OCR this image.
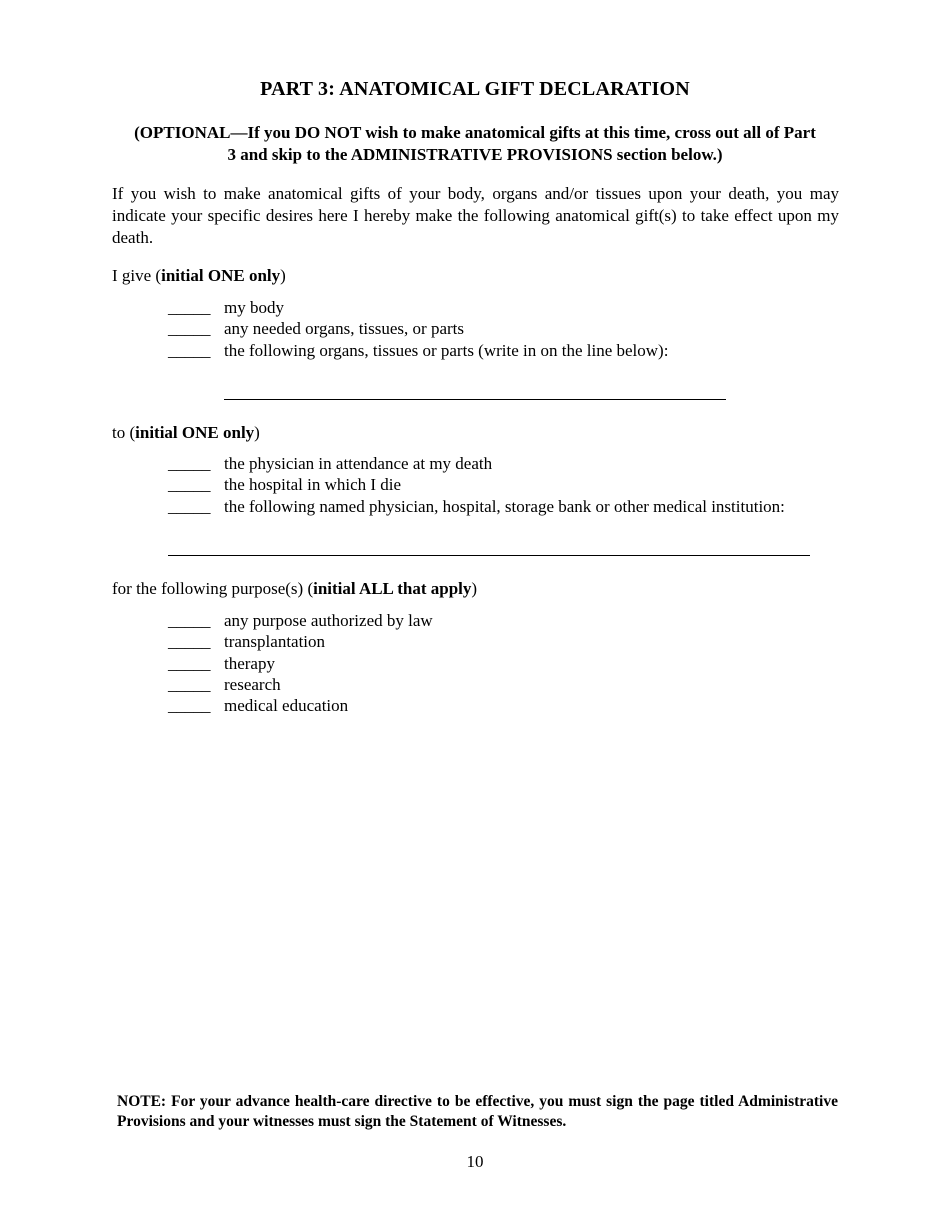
PART 3: ANATOMICAL GIFT DECLARATION
(OPTIONAL—If you DO NOT wish to make anatomical gifts at this time, cross out all of Part 3 and skip to the ADMINISTRATIVE PROVISIONS section below.)

If you wish to make anatomical gifts of your body, organs and/or tissues upon your death, you may indicate your specific desires here I hereby make the following anatomical gift(s) to take effect upon my death.

I give (initial ONE only)
_____ my body
_____ any needed organs, tissues, or parts
_____ the following organs, tissues or parts (write in on the line below):
to (initial ONE only)
_____ the physician in attendance at my death
_____ the hospital in which I die
_____ the following named physician, hospital, storage bank or other medical institution:
for the following purpose(s) (initial ALL that apply)
_____ any purpose authorized by law
_____ transplantation
_____ therapy
_____ research
_____ medical education

NOTE: For your advance health-care directive to be effective, you must sign the page titled Administrative Provisions and your witnesses must sign the Statement of Witnesses.

10
